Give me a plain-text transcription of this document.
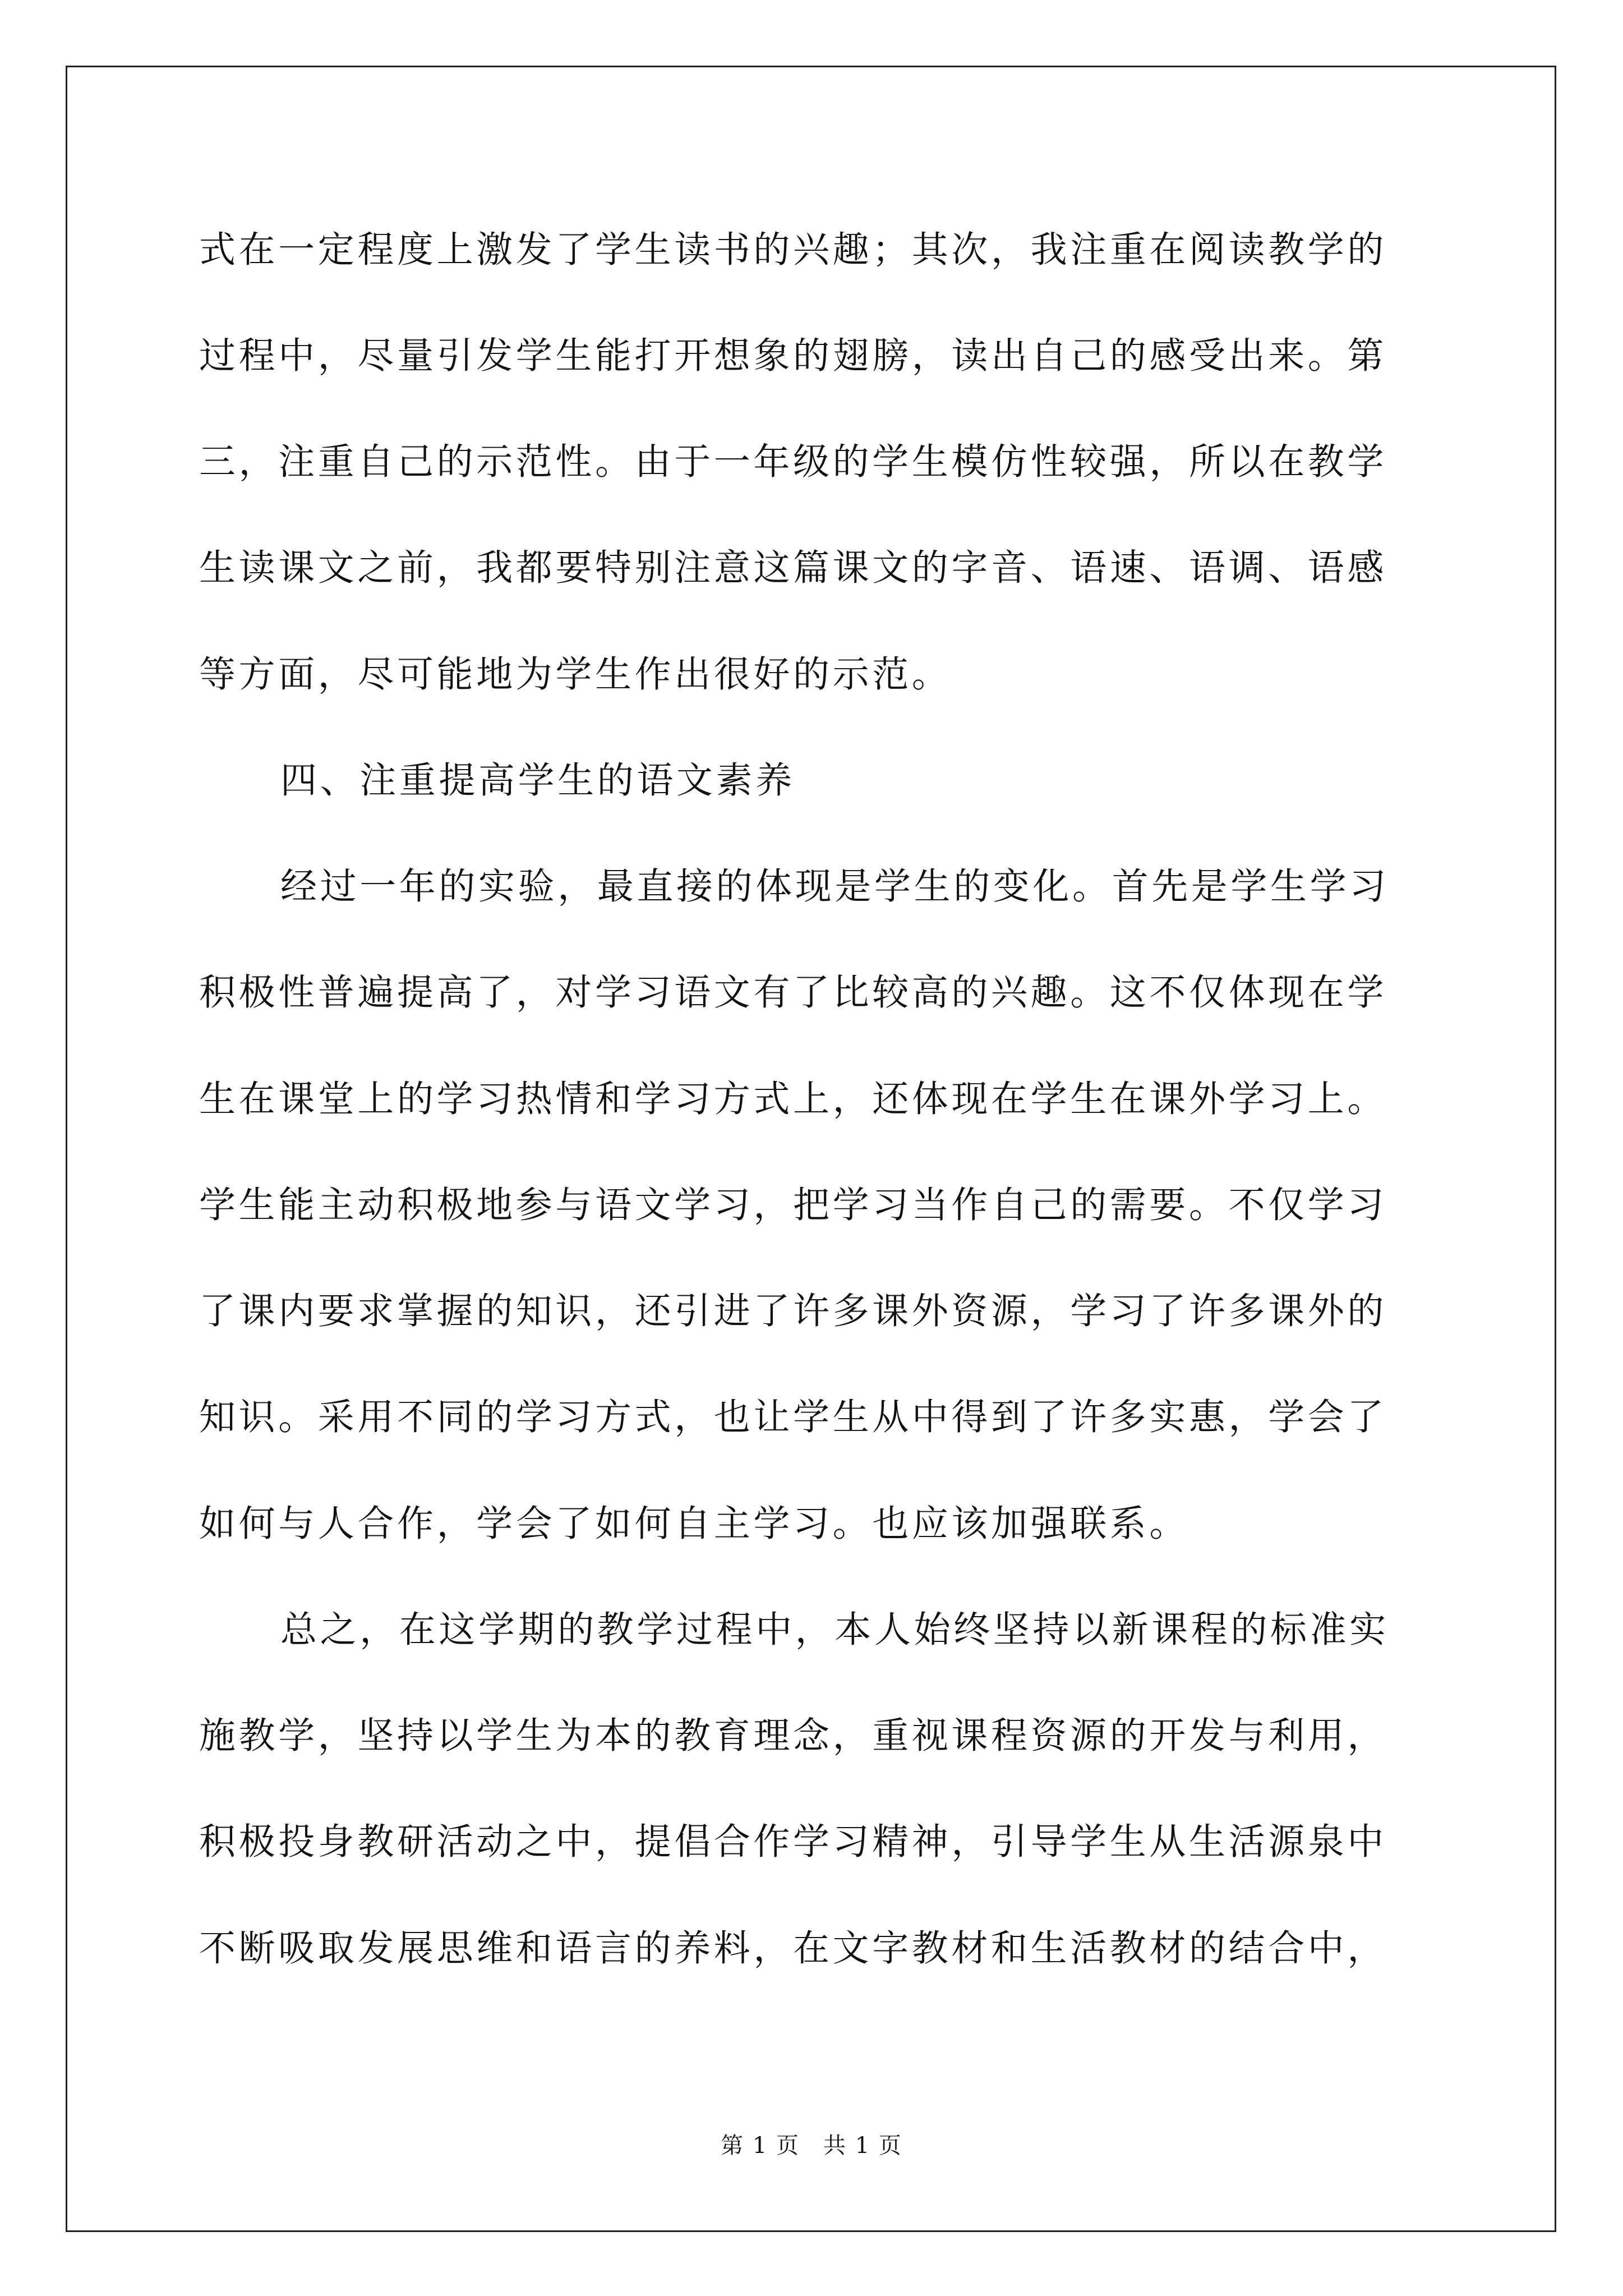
式在一定程度上激发了学生读书的兴趣；其次，我注重在阅读教学的
过程中，尽量引发学生能打开想象的翅膀，读出自己的感受出来。第
三，注重自己的示范性。由于一年级的学生模仿性较强，所以在教学
生读课文之前，我都要特别注意这篇课文的字音、语速、语调、语感
等方面，尽可能地为学生作出很好的示范。
四、注重提高学生的语文素养
经过一年的实验，最直接的体现是学生的变化。首先是学生学习
积极性普遍提高了，对学习语文有了比较高的兴趣。这不仅体现在学
生在课堂上的学习热情和学习方式上，还体现在学生在课外学习上。
学生能主动积极地参与语文学习，把学习当作自己的需要。不仅学习
了课内要求掌握的知识，还引进了许多课外资源，学习了许多课外的
知识。采用不同的学习方式，也让学生从中得到了许多实惠，学会了
如何与人合作，学会了如何自主学习。也应该加强联系。
总之，在这学期的教学过程中，本人始终坚持以新课程的标准实
施教学，坚持以学生为本的教育理念，重视课程资源的开发与利用，
积极投身教研活动之中，提倡合作学习精神，引导学生从生活源泉中
不断吸取发展思维和语言的养料，在文字教材和生活教材的结合中，
第 1 页　共 1 页
